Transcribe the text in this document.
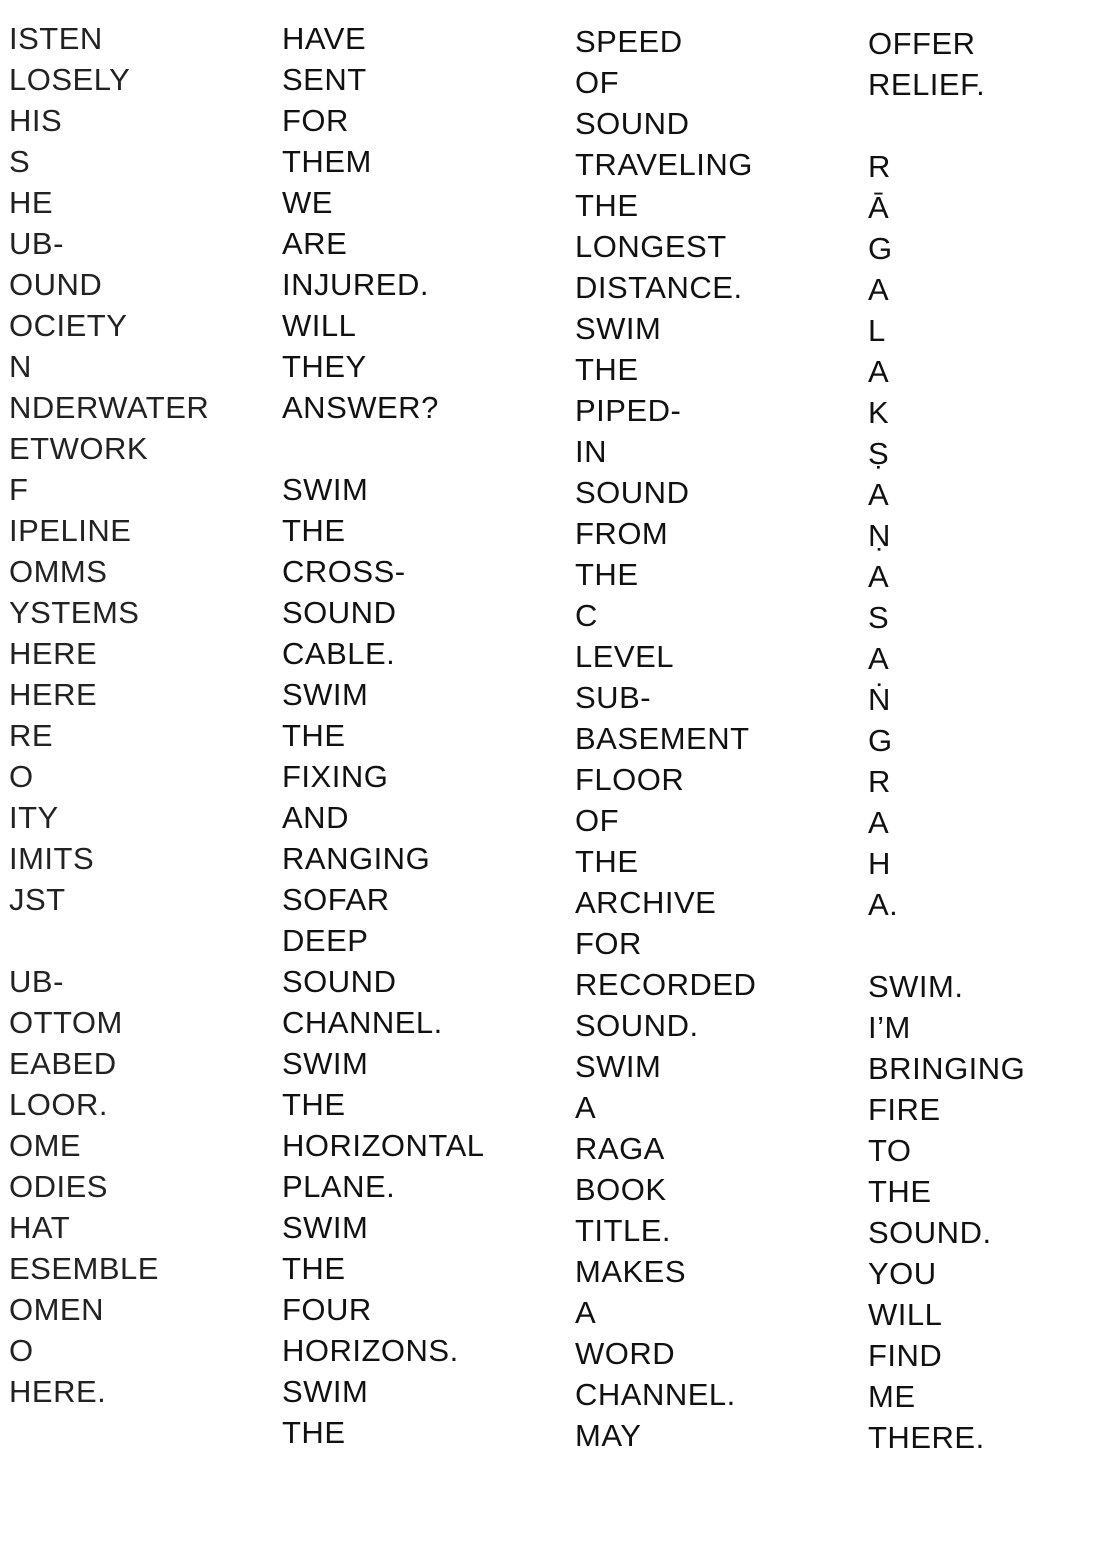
ISTEN
LOSELY
HIS
S
HE
UB-
OUND
OCIETY
N
NDERWATER
ETWORK
F
IPELINE
OMMS
YSTEMS
HERE
HERE
RE
O
ITY
IMITS
JST
UB-
OTTOM
EABED
LOOR.
OME
ODIES
HAT
ESEMBLE
OMEN
O
HERE.
HAVE
SENT
FOR
THEM
WE
ARE
INJURED.
WILL
THEY
ANSWER?
SWIM
THE
CROSS-
SOUND
CABLE.
SWIM
THE
FIXING
AND
RANGING
SOFAR
DEEP
SOUND
CHANNEL.
SWIM
THE
HORIZONTAL
PLANE.
SWIM
THE
FOUR
HORIZONS.
SWIM
THE
SPEED
OF
SOUND
TRAVELING
THE
LONGEST
DISTANCE.
SWIM
THE
PIPED-
IN
SOUND
FROM
THE
C
LEVEL
SUB-
BASEMENT
FLOOR
OF
THE
ARCHIVE
FOR
RECORDED
SOUND.
SWIM
A
RAGA
BOOK
TITLE.
MAKES
A
WORD
CHANNEL.
MAY
OFFER
RELIEF.
R
Ā
G
A
L
A
K
Ṣ
A
Ṇ
A
S
A
Ṅ
G
R
A
H
A.
SWIM.
I’M
BRINGING
FIRE
TO
THE
SOUND.
YOU
WILL
FIND
ME
THERE.
